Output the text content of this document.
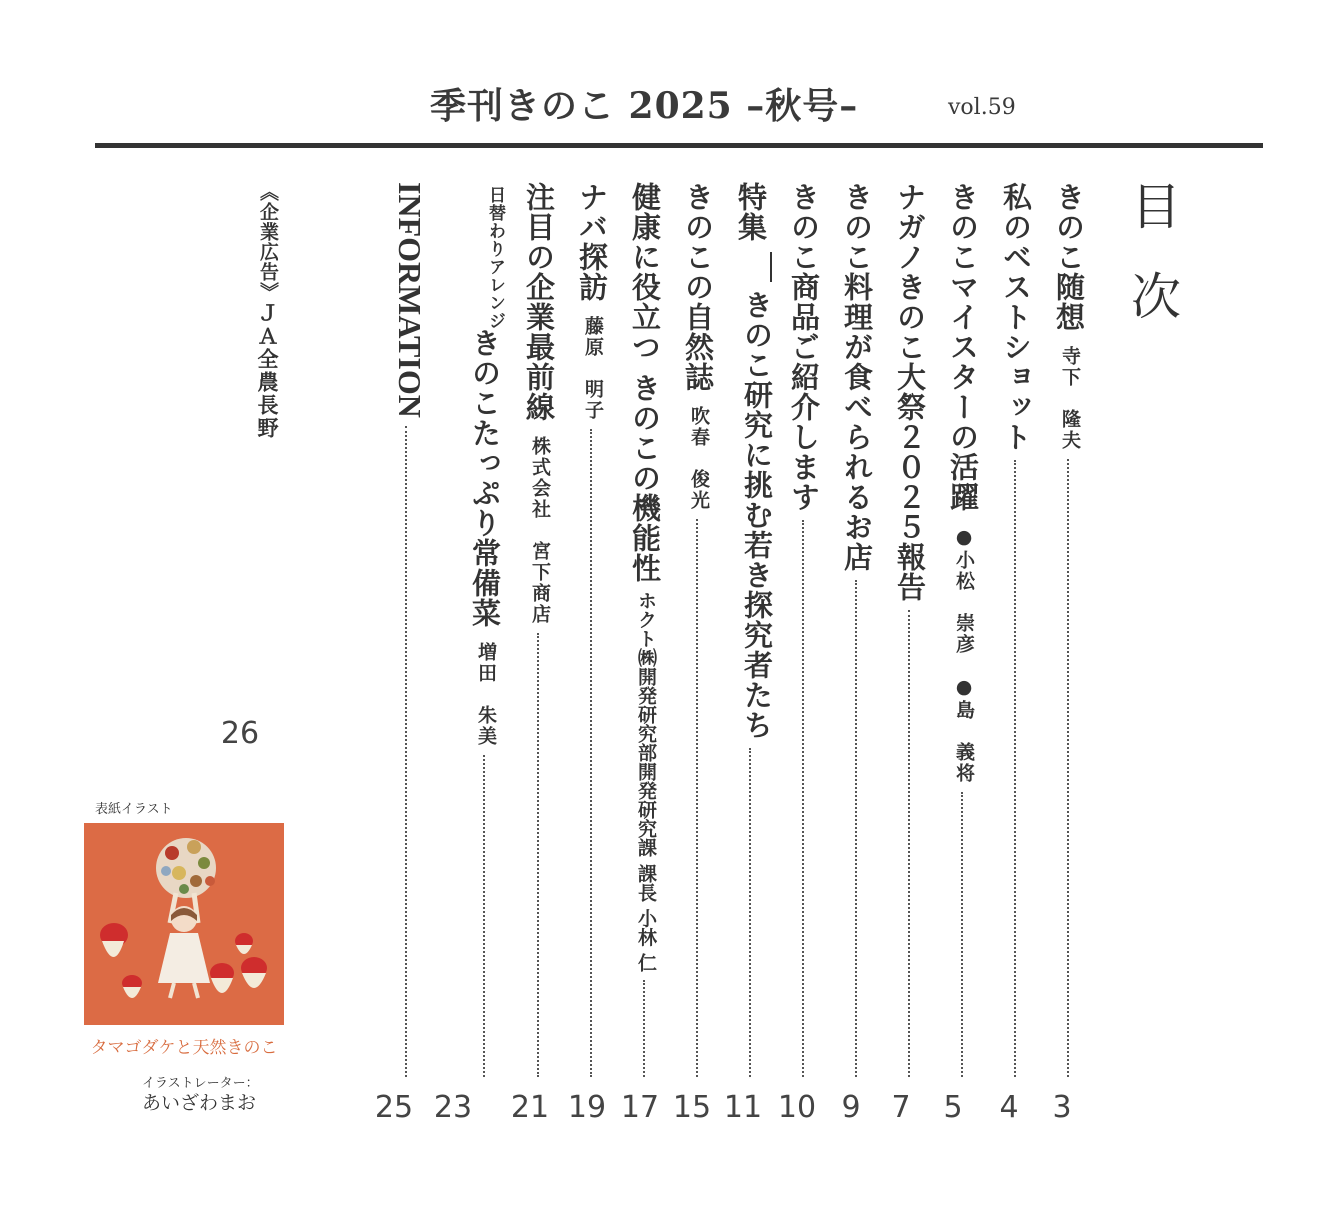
季刊きのこ 2025 –秋号–	vol.59
目次
きのこ随想
寺下　隆夫
私のベストショット
きのこマイスターの活躍
●小松　崇彦　●島　義将
ナガノきのこ大祭２０２５報告
きのこ料理が食べられるお店
きのこ商品ご紹介します
特集
きのこ研究に挑む若き探究者たち
きのこの自然誌
吹春　俊光
健康に役立つ きのこの機能性
ホクト㈱開発研究部開発研究課 課長 小林 仁
ナバ探訪
藤原　明子
注目の企業最前線
株式会社　宮下商店
日替わりアレンジ
きのこたっぷり常備菜
増田　朱美
INFORMATION
3
4
5
7
9
10
11
15
17
19
21
23
25
《企業広告》
ＪＡ全農長野
26
表紙イラスト
タマゴダケと天然きのこ
イラストレーター：
あいざわまお
